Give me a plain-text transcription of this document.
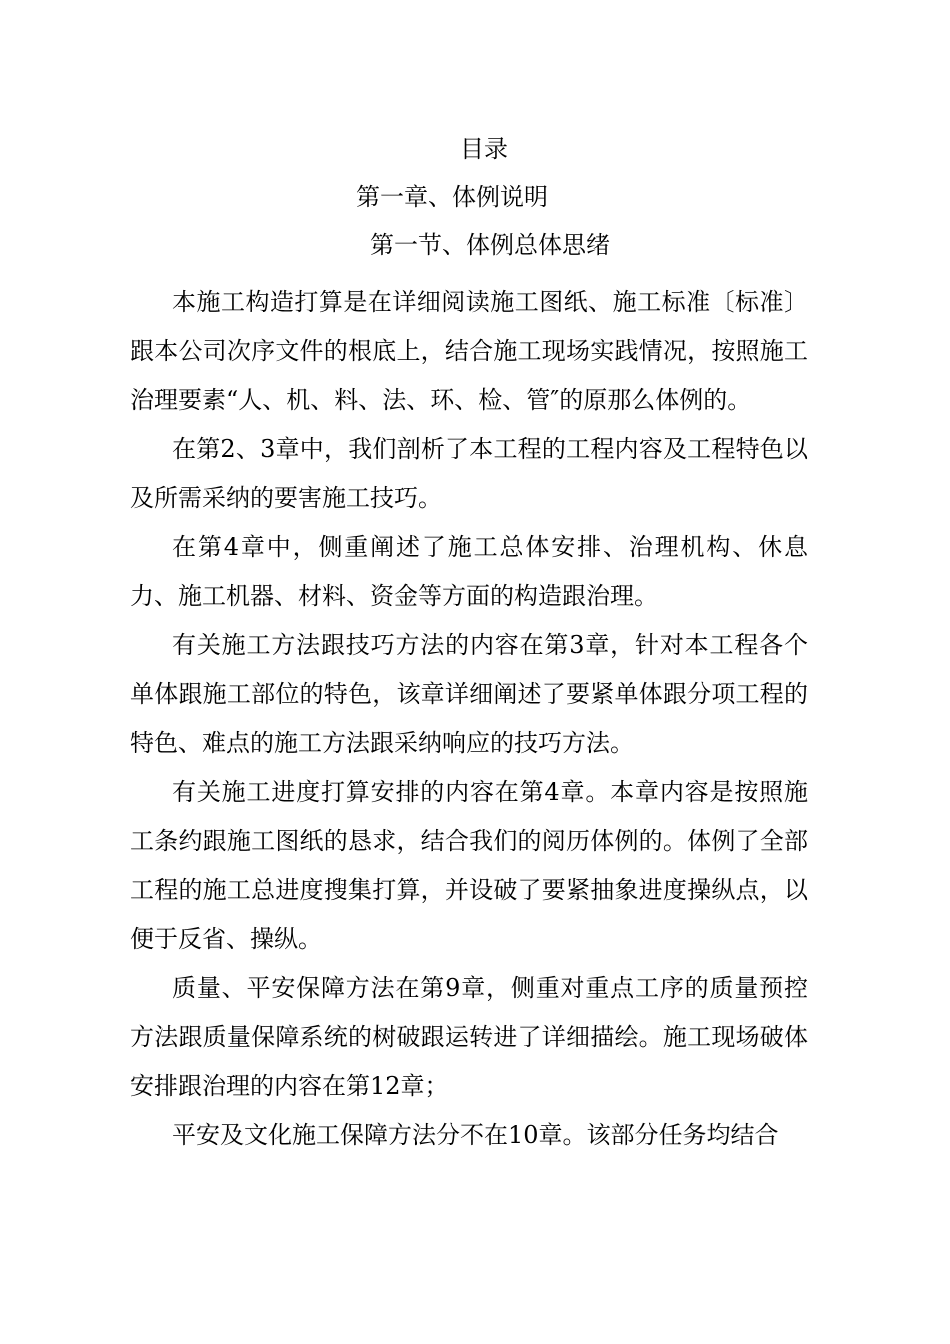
目录
第一章、体例说明
第一节、体例总体思绪

本施工构造打算是在详细阅读施工图纸、施工标准〔标准〕跟本公司次序文件的根底上，结合施工现场实践情况，按照施工治理要素“人、机、料、法、环、检、管″的原那么体例的。

在第2、3章中，我们剖析了本工程的工程内容及工程特色以及所需采纳的要害施工技巧。

在第4章中，侧重阐述了施工总体安排、治理机构、休息力、施工机器、材料、资金等方面的构造跟治理。

有关施工方法跟技巧方法的内容在第3章，针对本工程各个单体跟施工部位的特色，该章详细阐述了要紧单体跟分项工程的特色、难点的施工方法跟采纳响应的技巧方法。

有关施工进度打算安排的内容在第4章。本章内容是按照施工条约跟施工图纸的恳求，结合我们的阅历体例的。体例了全部工程的施工总进度搜集打算，并设破了要紧抽象进度操纵点，以便于反省、操纵。

质量、平安保障方法在第9章，侧重对重点工序的质量预控方法跟质量保障系统的树破跟运转进了详细描绘。施工现场破体安排跟治理的内容在第12章；

平安及文化施工保障方法分不在10章。该部分任务均结合
